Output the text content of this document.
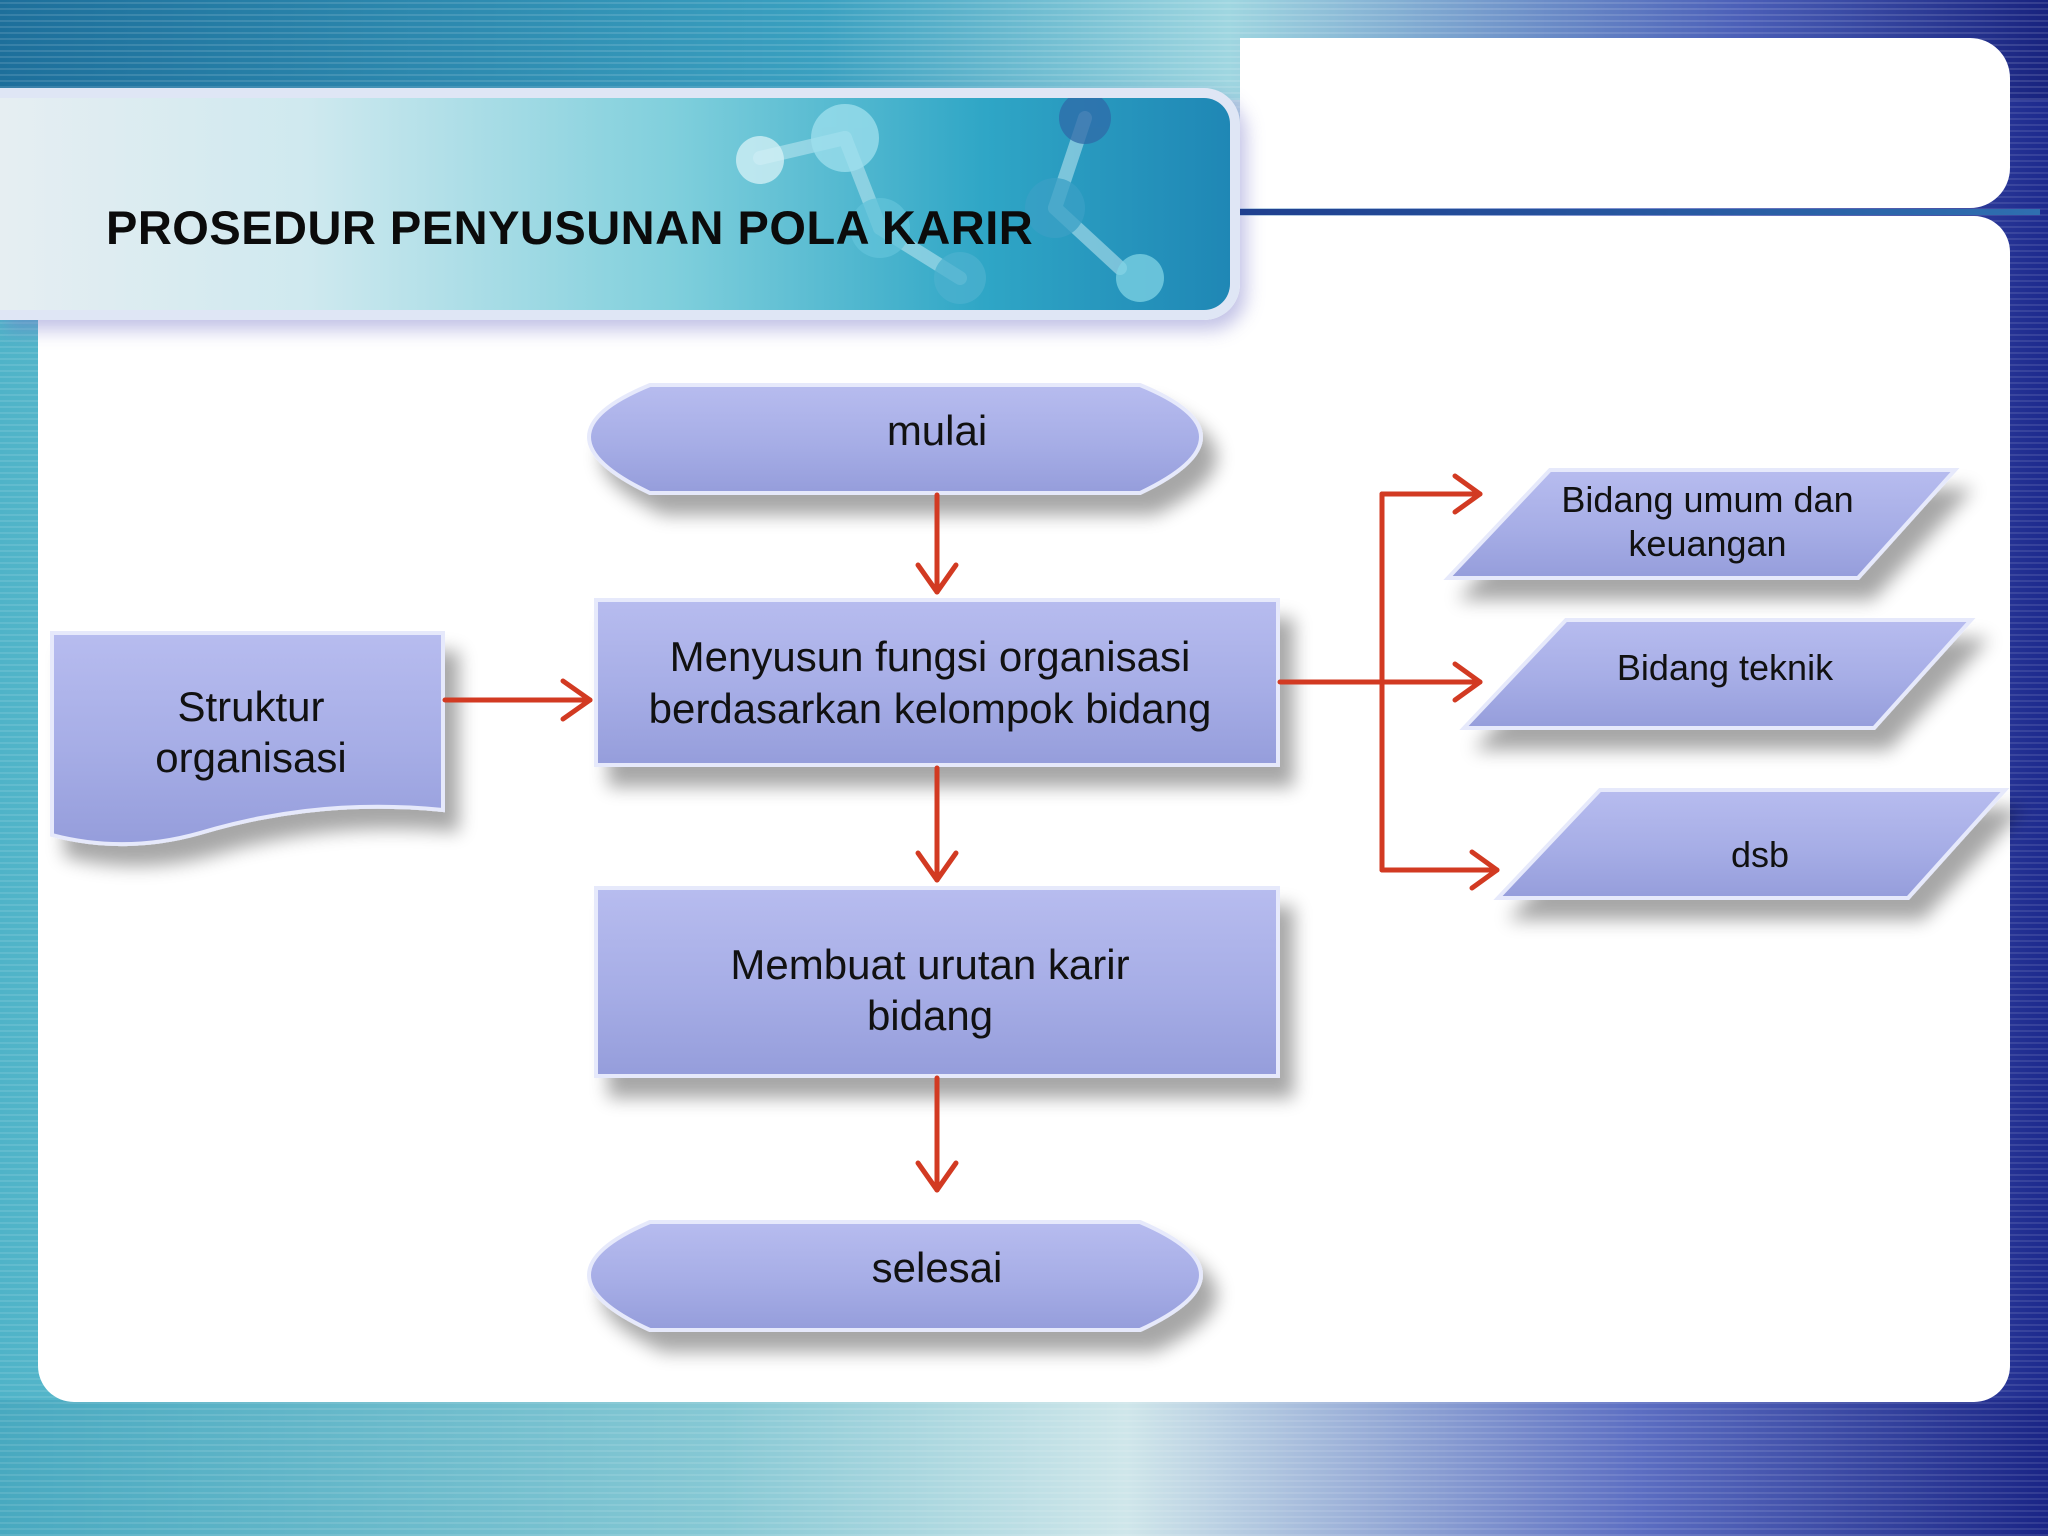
PROSEDUR PENYUSUNAN POLA KARIR
mulai
Struktur organisasi
Menyusun fungsi organisasi berdasarkan kelompok bidang
Membuat urutan karir bidang
selesai
Bidang umum dan keuangan
Bidang teknik
dsb
